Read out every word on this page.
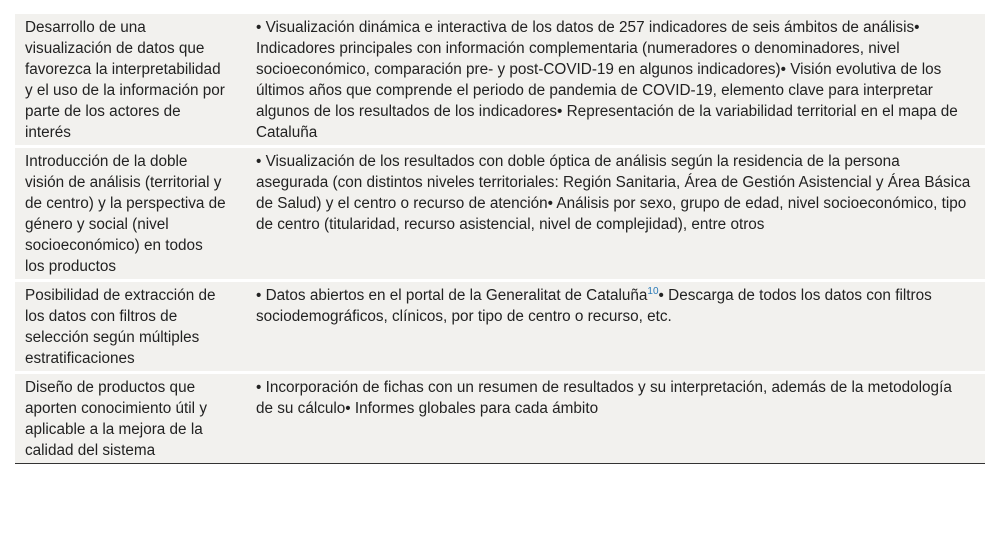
Desarrollo de una visualización de datos que favorezca la interpretabilidad y el uso de la información por parte de los actores de interés	• Visualización dinámica e interactiva de los datos de 257 indicadores de seis ámbitos de análisis• Indicadores principales con información complementaria (numeradores o denominadores, nivel socioeconómico, comparación pre- y post-COVID-19 en algunos indicadores)• Visión evolutiva de los últimos años que comprende el periodo de pandemia de COVID-19, elemento clave para interpretar algunos de los resultados de los indicadores• Representación de la variabilidad territorial en el mapa de Cataluña
Introducción de la doble visión de análisis (territorial y de centro) y la perspectiva de género y social (nivel socioeconómico) en todos los productos	• Visualización de los resultados con doble óptica de análisis según la residencia de la persona asegurada (con distintos niveles territoriales: Región Sanitaria, Área de Gestión Asistencial y Área Básica de Salud) y el centro o recurso de atención• Análisis por sexo, grupo de edad, nivel socioeconómico, tipo de centro (titularidad, recurso asistencial, nivel de complejidad), entre otros
Posibilidad de extracción de los datos con filtros de selección según múltiples estratificaciones	• Datos abiertos en el portal de la Generalitat de Cataluña$^{10}$• Descarga de todos los datos con filtros sociodemográficos, clínicos, por tipo de centro o recurso, etc.
Diseño de productos que aporten conocimiento útil y aplicable a la mejora de la calidad del sistema	• Incorporación de fichas con un resumen de resultados y su interpretación, además de la metodología de su cálculo• Informes globales para cada ámbito
